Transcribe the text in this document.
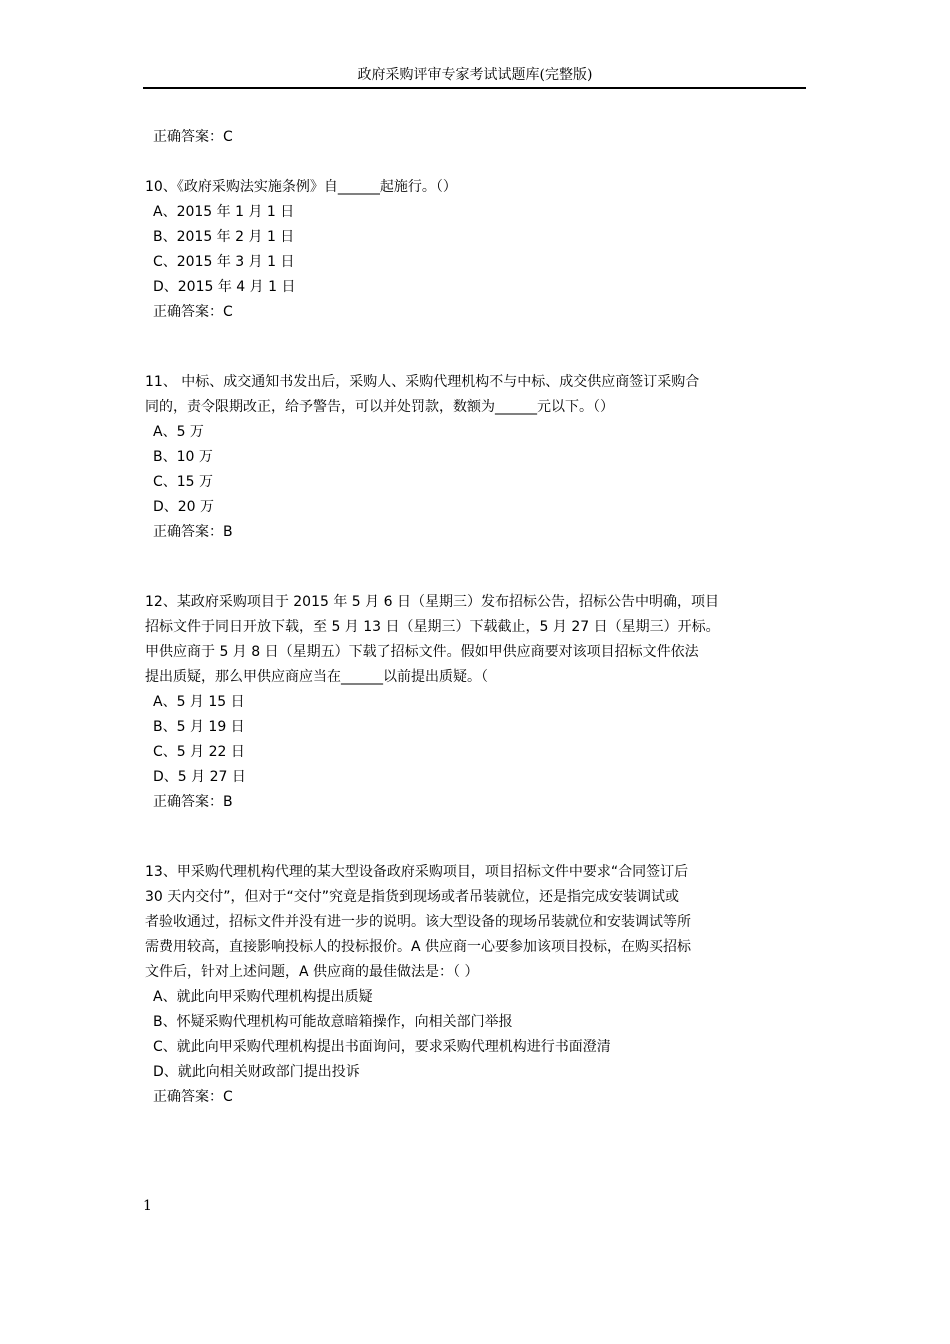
政府采购评审专家考试试题库(完整版)
正确答案：C
10、《政府采购法实施条例》自______起施行。（）
A、2015 年 1 月 1 日
B、2015 年 2 月 1 日
C、2015 年 3 月 1 日
D、2015 年 4 月 1 日
正确答案：C
11、 中标、成交通知书发出后，采购人、采购代理机构不与中标、成交供应商签订采购合
同的，责令限期改正，给予警告，可以并处罚款，数额为______元以下。（）
A、5 万
B、10 万
C、15 万
D、20 万
正确答案：B
12、某政府采购项目于 2015 年 5 月 6 日（星期三）发布招标公告，招标公告中明确，项目
招标文件于同日开放下载，至 5 月 13 日（星期三）下载截止，5 月 27 日（星期三）开标。
甲供应商于 5 月 8 日（星期五）下载了招标文件。假如甲供应商要对该项目招标文件依法
提出质疑，那么甲供应商应当在______以前提出质疑。（
A、5 月 15 日
B、5 月 19 日
C、5 月 22 日
D、5 月 27 日
正确答案：B
13、甲采购代理机构代理的某大型设备政府采购项目，项目招标文件中要求“合同签订后
30 天内交付”，但对于“交付”究竟是指货到现场或者吊装就位，还是指完成安装调试或
者验收通过，招标文件并没有进一步的说明。该大型设备的现场吊装就位和安装调试等所
需费用较高，直接影响投标人的投标报价。A 供应商一心要参加该项目投标，在购买招标
文件后，针对上述问题，A 供应商的最佳做法是：（ ）
A、就此向甲采购代理机构提出质疑
B、怀疑采购代理机构可能故意暗箱操作，向相关部门举报
C、就此向甲采购代理机构提出书面询问，要求采购代理机构进行书面澄清
D、就此向相关财政部门提出投诉
正确答案：C
1
